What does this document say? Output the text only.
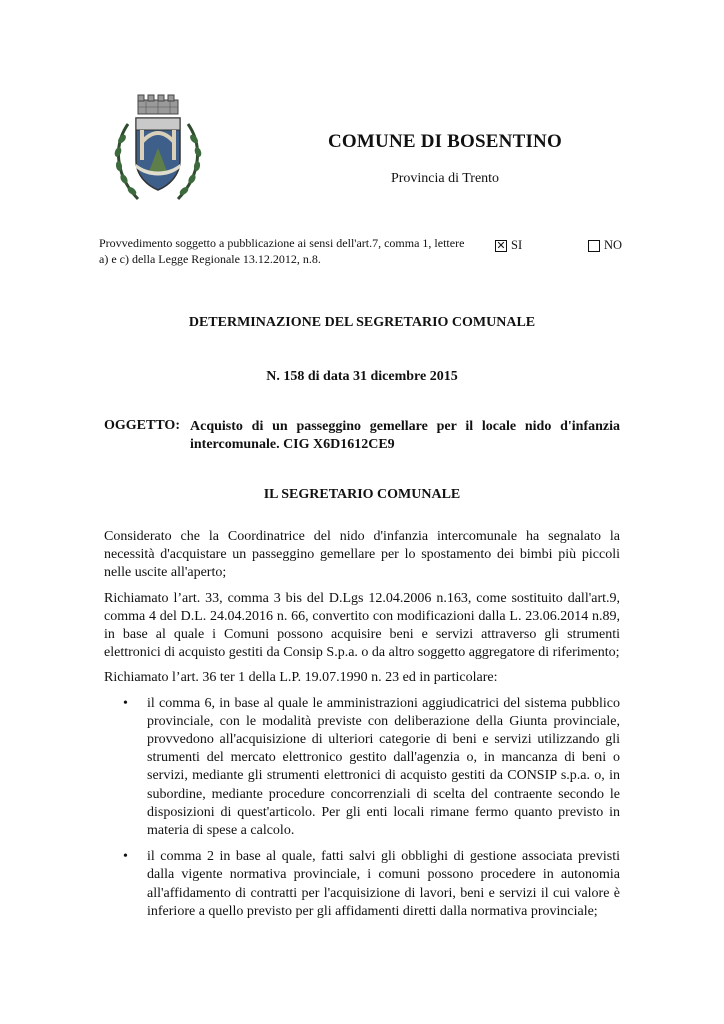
COMUNE DI BOSENTINO
Provincia di Trento
Provvedimento soggetto a pubblicazione ai sensi dell'art.7, comma 1, lettere a) e c) della Legge Regionale 13.12.2012, n.8.
✕ SI	NO
DETERMINAZIONE DEL SEGRETARIO COMUNALE
N. 158 di data 31 dicembre 2015
OGGETTO: Acquisto di un passeggino gemellare per il locale nido d'infanzia intercomunale. CIG X6D1612CE9
IL SEGRETARIO COMUNALE

Considerato che la Coordinatrice del nido d'infanzia intercomunale ha segnalato la necessità d'acquistare un passeggino gemellare per lo spostamento dei bimbi più piccoli nelle uscite all'aperto;

Richiamato l’art. 33, comma 3 bis del D.Lgs 12.04.2006 n.163, come sostituito dall'art.9, comma 4 del D.L. 24.04.2016 n. 66, convertito con modificazioni dalla L. 23.06.2014 n.89, in base al quale i Comuni possono acquisire beni e servizi attraverso gli strumenti elettronici di acquisto gestiti da Consip S.p.a. o da altro soggetto aggregatore di riferimento;

Richiamato l’art. 36 ter 1 della L.P. 19.07.1990 n. 23 ed in particolare:

• il comma 6, in base al quale le amministrazioni aggiudicatrici del sistema pubblico provinciale, con le modalità previste con deliberazione della Giunta provinciale, provvedono all'acquisizione di ulteriori categorie di beni e servizi utilizzando gli strumenti del mercato elettronico gestito dall'agenzia o, in mancanza di beni o servizi, mediante gli strumenti elettronici di acquisto gestiti da CONSIP s.p.a. o, in subordine, mediante procedure concorrenziali di scelta del contraente secondo le disposizioni di quest'articolo. Per gli enti locali rimane fermo quanto previsto in materia di spese a calcolo.
• il comma 2 in base al quale, fatti salvi gli obblighi di gestione associata previsti dalla vigente normativa provinciale, i comuni possono procedere in autonomia all'affidamento di contratti per l'acquisizione di lavori, beni e servizi il cui valore è inferiore a quello previsto per gli affidamenti diretti dalla normativa provinciale;
